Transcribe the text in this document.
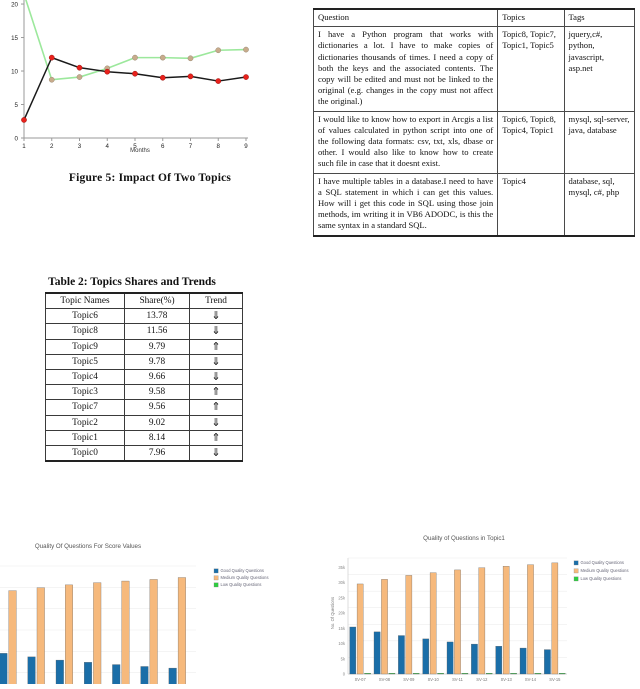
0
5
10
15
20
1	2	3	4	5	6	7	8	9
Months
Figure 5: Impact Of Two Topics
Table 2: Topics Shares and Trends
Topic Names	Share(%)	Trend
Topic6	13.78	⇓
Topic8	11.56	⇓
Topic9	9.79	⇑
Topic5	9.78	⇓
Topic4	9.66	⇓
Topic3	9.58	⇑
Topic7	9.56	⇑
Topic2	9.02	⇓
Topic1	8.14	⇑
Topic0	7.96	⇓
Question	Topics	Tags

I have a Python program that works with dictionaries a lot. I have to make copies of dictionaries thousands of times. I need a copy of both the keys and the associated contents. The copy will be edited and must not be linked to the original (e.g. changes in the copy must not affect the original.)	Topic8, Topic7, Topic1, Topic5	jquery,c#, python, javascript, asp.net

I would like to know how to export in Arcgis a list of values calculated in python script into one of the following data formats: csv, txt, xls, dbase or other. I would also like to know how to create such file in case that it doesnt exist.	Topic6, Topic8, Topic4, Topic1	mysql, sql-server, java, database

I have multiple tables in a database.I need to have a SQL statement in which i can get this values. How will i get this code in SQL using those join methods, im writing it in VB6 ADODC, is this the same syntax in a standard SQL.	Topic4	database, sql, mysql, c#, php
Quality Of Questions For Score Values
Good Quality Questions
Medium Quality Questions
Low Quality Questions
SV-07	SV-08	SV-09	SV-10	SV-11	SV-12	SV-13	SV-14	SV-15
0
5k
10k
15k
20k
25k
30k
35k
Quality of Questions in Topic1
No. Of Questions
Good Quality Questions
Medium Quality Questions
Low Quality Questions
